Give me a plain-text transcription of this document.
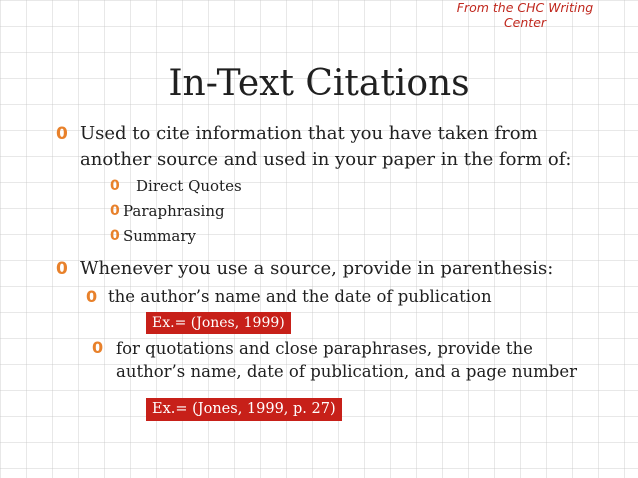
From the CHC Writing Center
In-Text Citations
0 Used to cite information that you have taken from
another source and used in your paper in the form of:
0 Direct Quotes
0 Paraphrasing
0 Summary
0 Whenever you use a source, provide in parenthesis:
0 the author’s name and the date of publication
Ex.= (Jones, 1999)
0 for quotations and close paraphrases, provide the
author’s name, date of publication, and a page number
Ex.= (Jones, 1999, p. 27)
